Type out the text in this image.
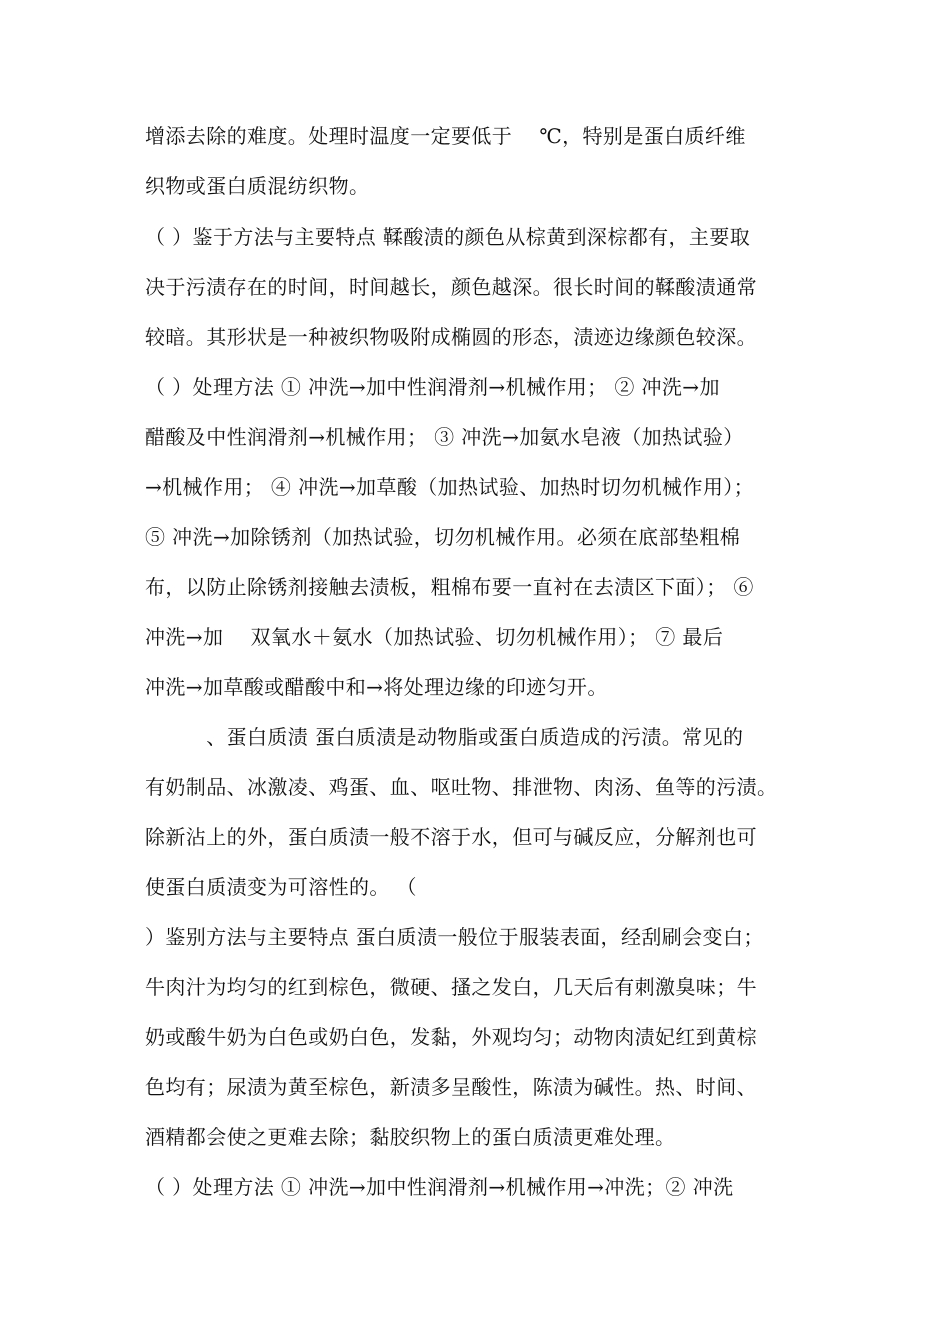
增添去除的难度。处理时温度一定要低于　 ℃，特别是蛋白质纤维
织物或蛋白质混纺织物。
（ ）鉴于方法与主要特点 鞣酸渍的颜色从棕黄到深棕都有，主要取
决于污渍存在的时间，时间越长，颜色越深。很长时间的鞣酸渍通常
较暗。其形状是一种被织物吸附成椭圆的形态，渍迹边缘颜色较深。
（ ）处理方法 ① 冲洗→加中性润滑剂→机械作用； ② 冲洗→加
醋酸及中性润滑剂→机械作用； ③ 冲洗→加氨水皂液（加热试验）
→机械作用； ④ 冲洗→加草酸（加热试验、加热时切勿机械作用）；
⑤ 冲洗→加除锈剂（加热试验，切勿机械作用。必须在底部垫粗棉
布，以防止除锈剂接触去渍板，粗棉布要一直衬在去渍区下面）； ⑥
冲洗→加　 双氧水＋氨水（加热试验、切勿机械作用）； ⑦ 最后
冲洗→加草酸或醋酸中和→将处理边缘的印迹匀开。
　　　、蛋白质渍 蛋白质渍是动物脂或蛋白质造成的污渍。常见的
有奶制品、冰激凌、鸡蛋、血、呕吐物、排泄物、肉汤、鱼等的污渍。
除新沾上的外，蛋白质渍一般不溶于水，但可与碱反应，分解剂也可
使蛋白质渍变为可溶性的。 （
）鉴别方法与主要特点 蛋白质渍一般位于服装表面，经刮刷会变白；
牛肉汁为均匀的红到棕色，微硬、搔之发白，几天后有刺激臭味；牛
奶或酸牛奶为白色或奶白色，发黏，外观均匀；动物肉渍妃红到黄棕
色均有；尿渍为黄至棕色，新渍多呈酸性，陈渍为碱性。热、时间、
酒精都会使之更难去除；黏胶织物上的蛋白质渍更难处理。
（ ）处理方法 ① 冲洗→加中性润滑剂→机械作用→冲洗；② 冲洗
